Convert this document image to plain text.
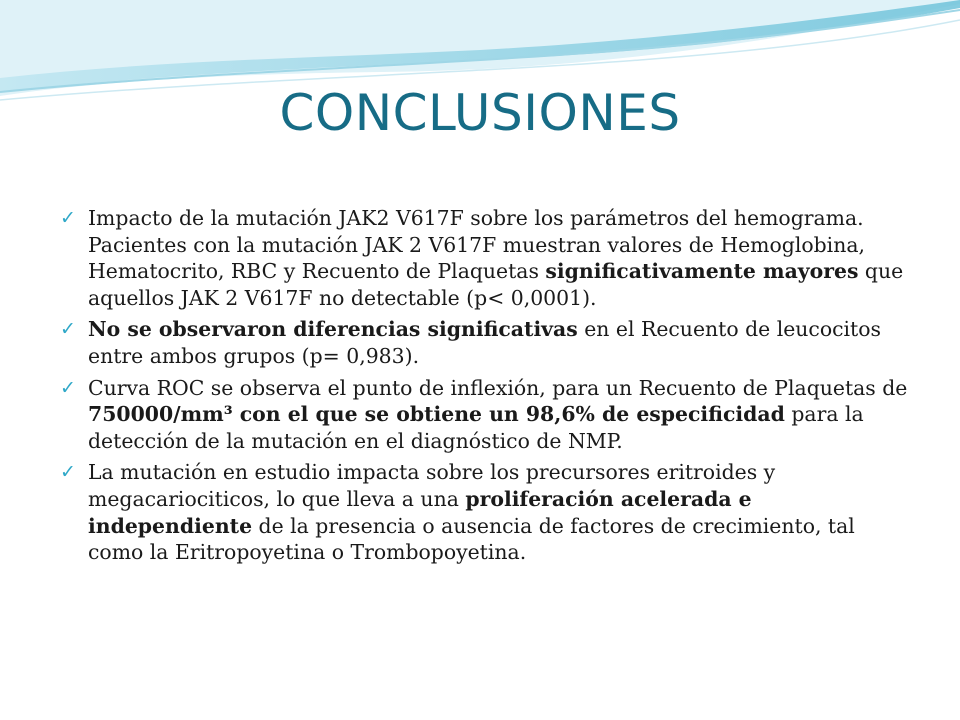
CONCLUSIONES
✓ Impacto de la mutación JAK2 V617F sobre los parámetros del hemograma. Pacientes con la mutación JAK 2 V617F muestran valores de Hemoglobina, Hematocrito, RBC y Recuento de Plaquetas significativamente mayores que aquellos JAK 2 V617F no detectable (p< 0,0001).
✓ No se observaron diferencias significativas en el Recuento de leucocitos entre ambos grupos (p= 0,983).
✓ Curva ROC se observa el punto de inflexión, para un Recuento de Plaquetas de 750000/mm³ con el que se obtiene un 98,6% de especificidad para la detección de la mutación en el diagnóstico de NMP.
✓ La mutación en estudio impacta sobre los precursores eritroides y megacariociticos, lo que lleva a una proliferación acelerada e independiente de la presencia o ausencia de factores de crecimiento, tal como la Eritropoyetina o Trombopoyetina.
